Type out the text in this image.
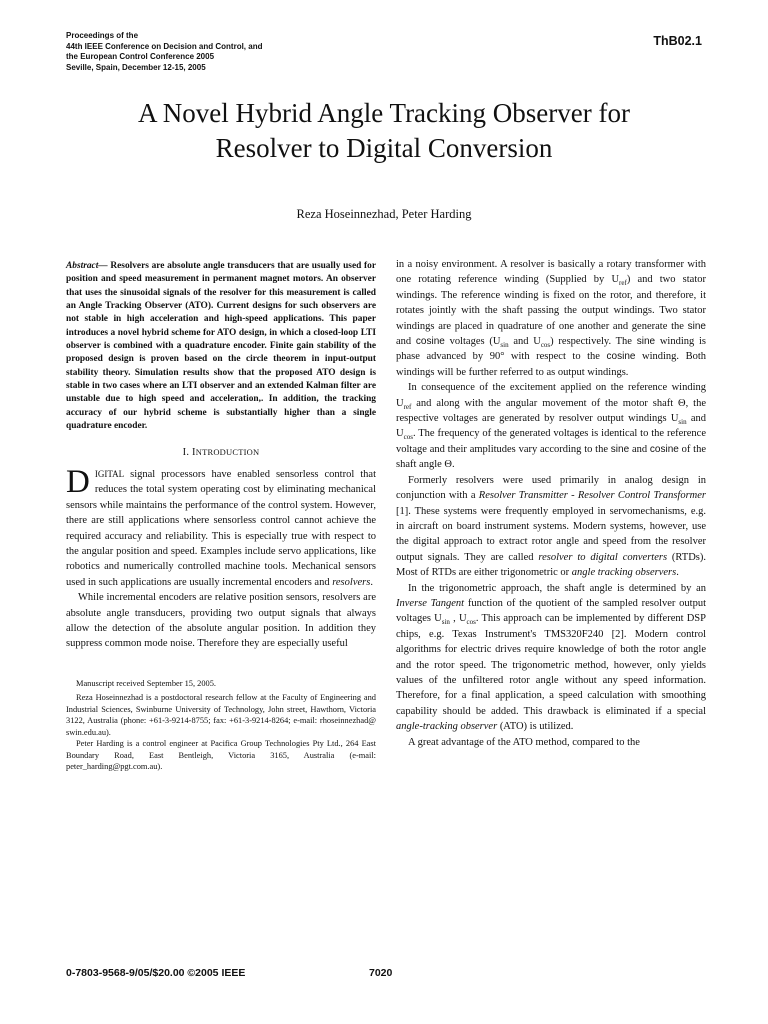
Proceedings of the
44th IEEE Conference on Decision and Control, and
the European Control Conference 2005
Seville, Spain, December 12-15, 2005
ThB02.1
A Novel Hybrid Angle Tracking Observer for
Resolver to Digital Conversion
Reza Hoseinnezhad, Peter Harding

Abstract— Resolvers are absolute angle transducers that are usually used for position and speed measurement in permanent magnet motors. An observer that uses the sinusoidal signals of the resolver for this measurement is called an Angle Tracking Observer (ATO). Current designs for such observers are not stable in high acceleration and high-speed applications. This paper introduces a novel hybrid scheme for ATO design, in which a closed-loop LTI observer is combined with a quadrature encoder. Finite gain stability of the proposed design is proven based on the circle theorem in input-output stability theory. Simulation results show that the proposed ATO design is stable in two cases where an LTI observer and an extended Kalman filter are unstable due to high speed and acceleration,. In addition, the tracking accuracy of our hybrid scheme is substantially higher than a single quadrature encoder.

I. INTRODUCTION

DIGITAL signal processors have enabled sensorless control that reduces the total system operating cost by eliminating mechanical sensors while maintains the performance of the control system. However, there are still applications where sensorless control cannot achieve the required accuracy and reliability. This is especially true with respect to the angular position and speed. Examples include servo applications, like robotics and numerically controlled machine tools. Mechanical sensors used in such applications are usually incremental encoders and resolvers.

While incremental encoders are relative position sensors, resolvers are absolute angle transducers, providing two output signals that always allow the detection of the absolute angular position. In addition they suppress common mode noise. Therefore they are especially useful

Manuscript received September 15, 2005.

Reza Hoseinnezhad is a postdoctoral research fellow at the Faculty of Engineering and Industrial Sciences, Swinburne University of Technology, John street, Hawthorn, Victoria 3122, Australia (phone: +61-3-9214-8755; fax: +61-3-9214-8264; e-mail: rhoseinnezhad@ swin.edu.au).

Peter Harding is a control engineer at Pacifica Group Technologies Pty Ltd., 264 East Boundary Road, East Bentleigh, Victoria 3165, Australia (e-mail: peter_harding@pgt.com.au).

in a noisy environment. A resolver is basically a rotary transformer with one rotating reference winding (Supplied by $U_{ref}$) and two stator windings. The reference winding is fixed on the rotor, and therefore, it rotates jointly with the shaft passing the output windings. Two stator windings are placed in quadrature of one another and generate the sine and cosine voltages ($U_{sin}$ and $U_{cos}$) respectively. The sine winding is phase advanced by 90° with respect to the cosine winding. Both windings will be further referred to as output windings.

In consequence of the excitement applied on the reference winding $U_{ref}$ and along with the angular movement of the motor shaft Θ, the respective voltages are generated by resolver output windings $U_{sin}$ and $U_{cos}$. The frequency of the generated voltages is identical to the reference voltage and their amplitudes vary according to the sine and cosine of the shaft angle Θ.

Formerly resolvers were used primarily in analog design in conjunction with a Resolver Transmitter - Resolver Control Transformer [1]. These systems were frequently employed in servomechanisms, e.g. in aircraft on board instrument systems. Modern systems, however, use the digital approach to extract rotor angle and speed from the resolver output signals. They are called resolver to digital converters (RTDs). Most of RTDs are either trigonometric or angle tracking observers.

In the trigonometric approach, the shaft angle is determined by an Inverse Tangent function of the quotient of the sampled resolver output voltages $U_{sin}$ , $U_{cos}$. This approach can be implemented by different DSP chips, e.g. Texas Instrument's TMS320F240 [2]. Modern control algorithms for electric drives require knowledge of both the rotor angle and the rotor speed. The trigonometric method, however, only yields values of the unfiltered rotor angle without any speed information. Therefore, for a final application, a speed calculation with smoothing capability should be added. This drawback is eliminated if a special angle-tracking observer (ATO) is utilized.

A great advantage of the ATO method, compared to the

0-7803-9568-9/05/$20.00 ©2005 IEEE	7020
